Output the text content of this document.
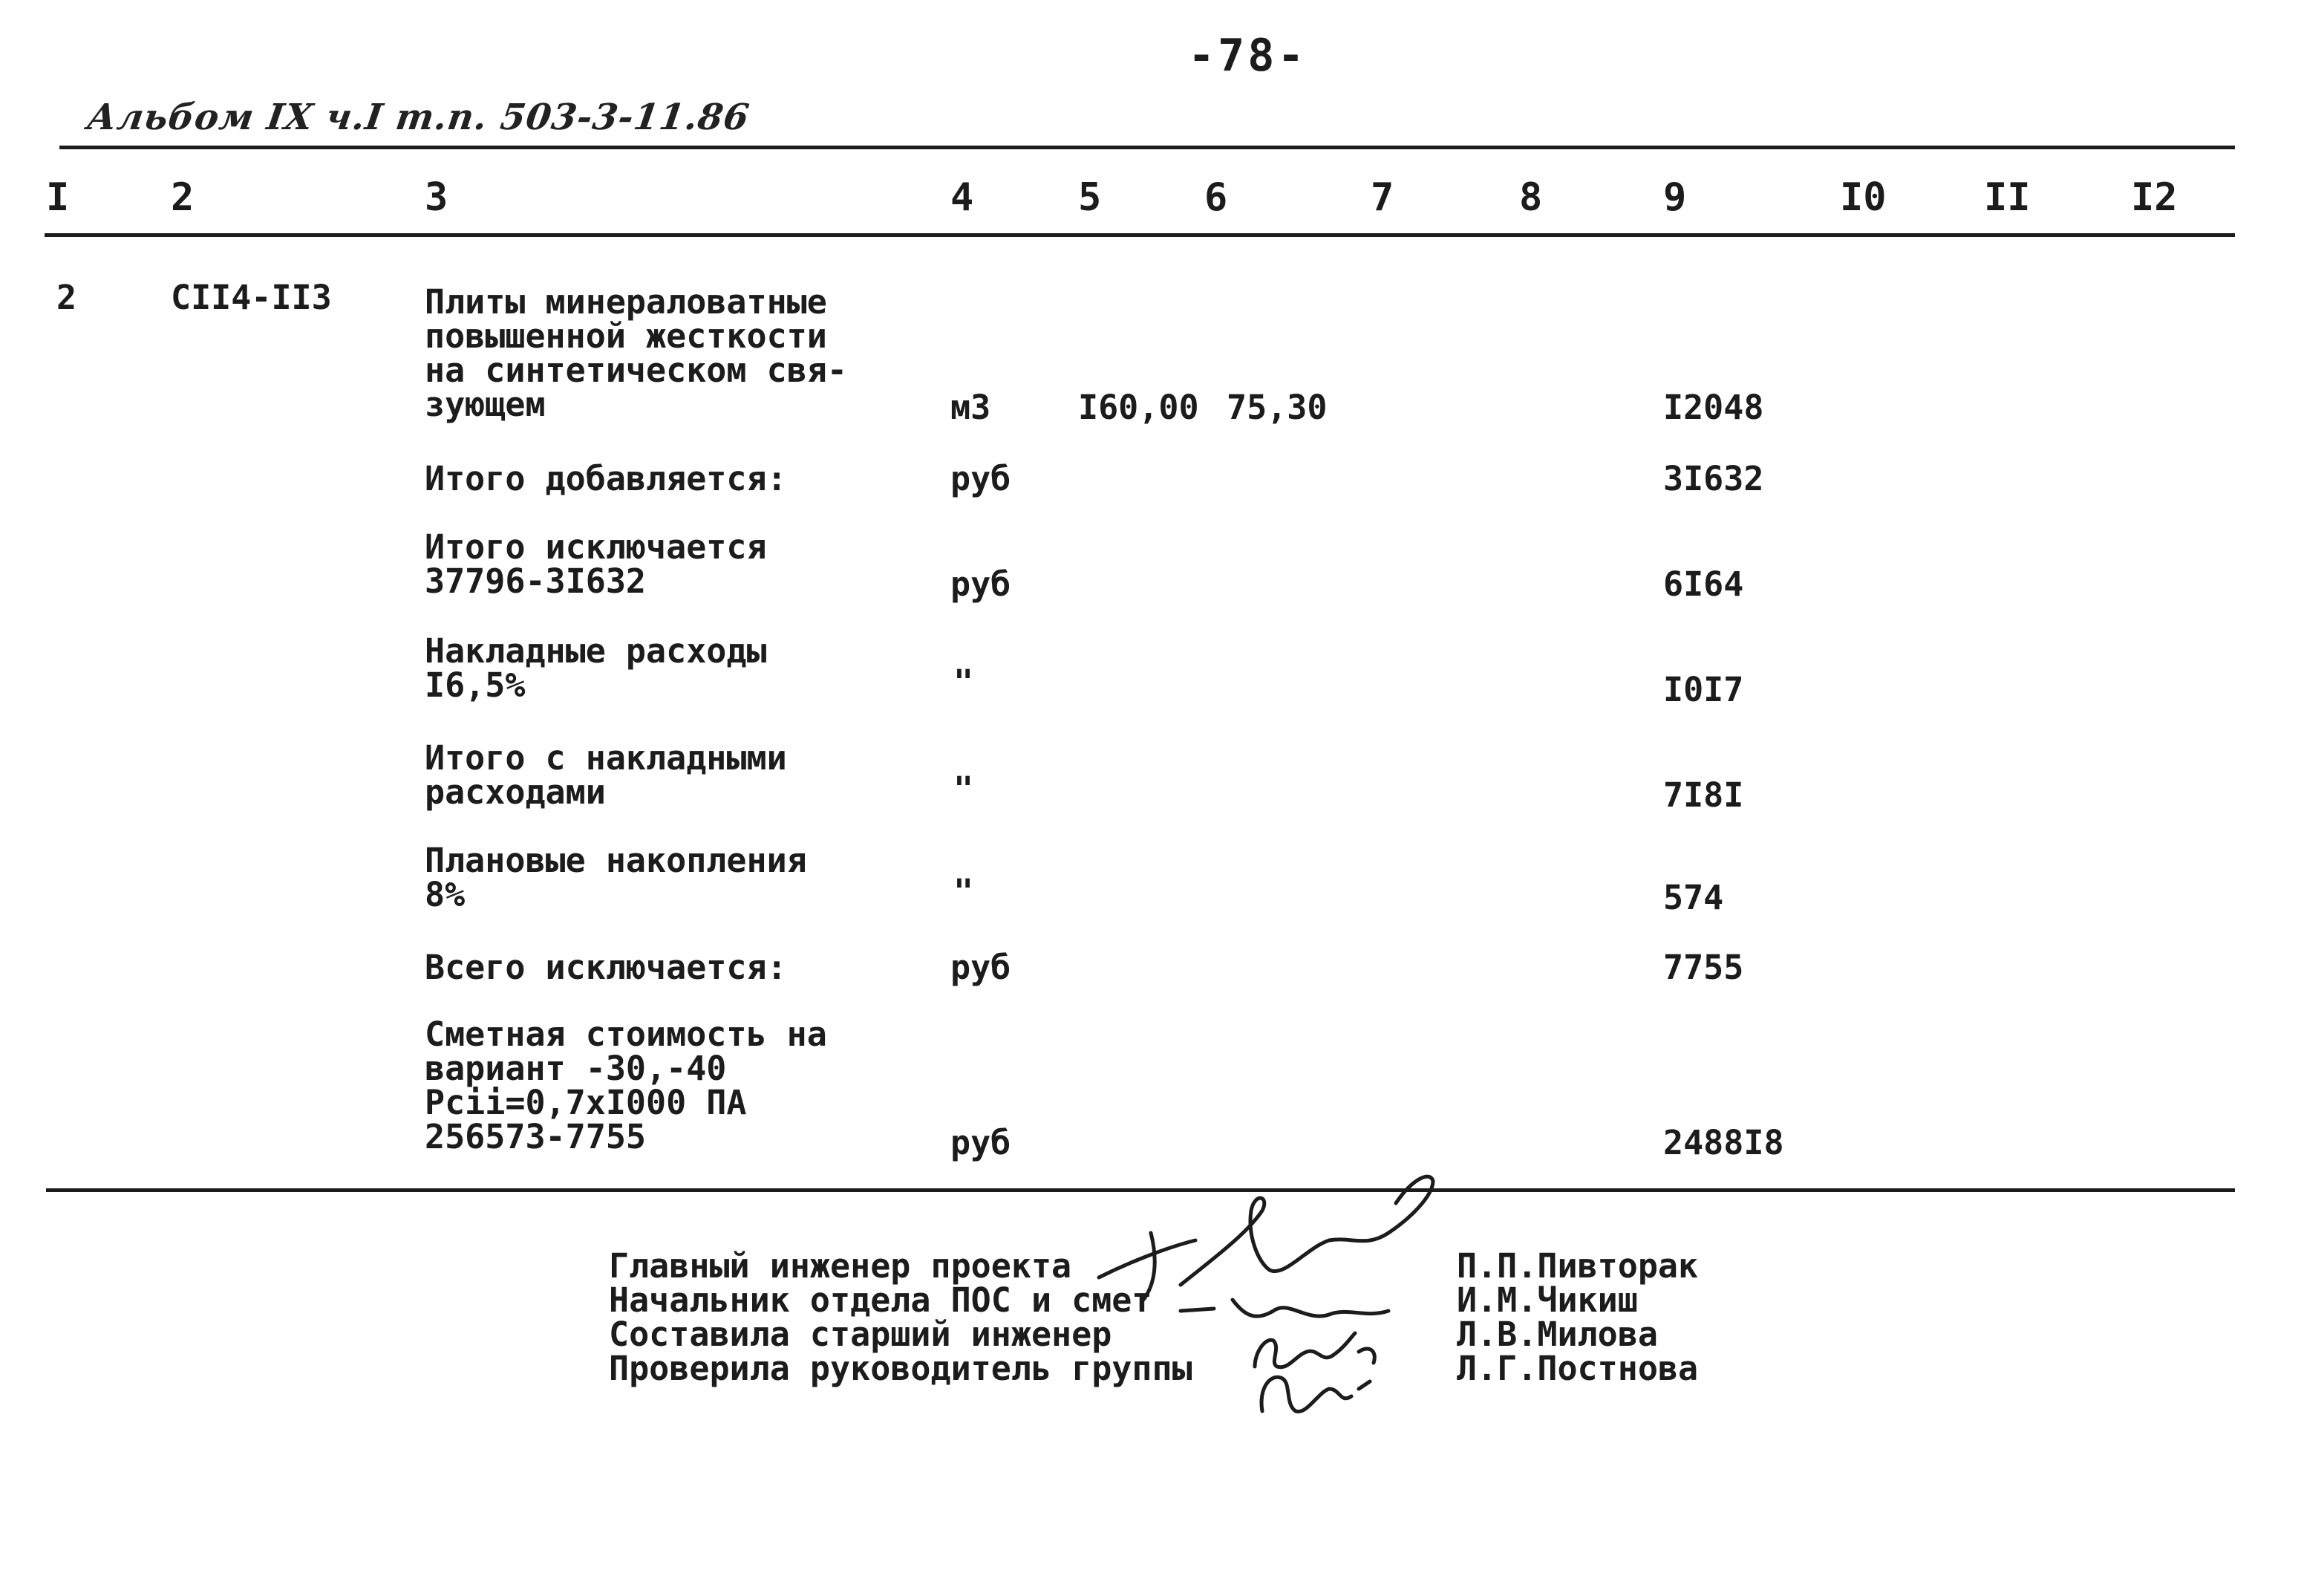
-78-
Альбом IX ч.I т.п. 503-3-11.86
I	2	3	4	5	6	7	8	9	I0	II	I2
2	CII4-II3	Плиты минераловатные
повышенной жесткости
на синтетическом свя-
зующем	м3	I60,00 75,30	I2048
Итого добавляется:	руб	3I632
Итого исключается
37796-3I632	руб	6I64
Накладные расходы
I6,5%	"	I0I7
Итого с накладными
расходами	"	7I8I
Плановые накопления
8%	"	574
Всего исключается:	руб	7755
Сметная стоимость на
вариант -30,-40
Pcii=0,7xI000 ПА
256573-7755	руб	2488I8
Главный инженер проекта
Начальник отдела ПОС и смет
Составила старший инженер
Проверила руководитель группы
П.П.Пивторак
И.М.Чикиш
Л.В.Милова
Л.Г.Постнова
